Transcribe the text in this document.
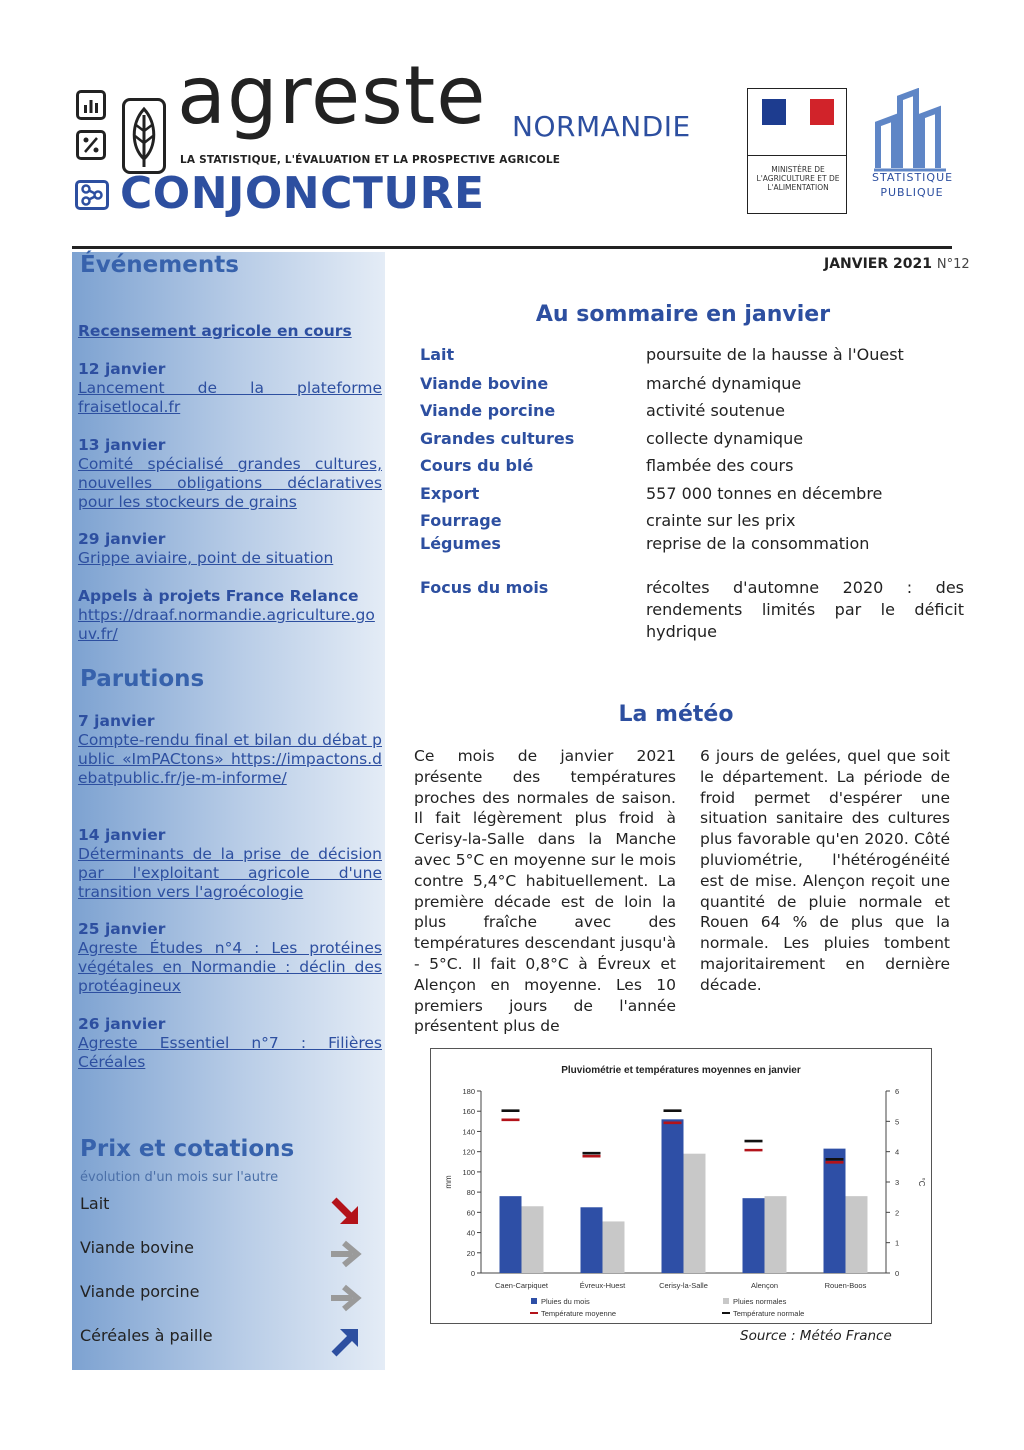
agreste
LA STATISTIQUE, L'ÉVALUATION ET LA PROSPECTIVE AGRICOLE
CONJONCTURE
NORMANDIE
MINISTÈRE DE L'AGRICULTURE ET DE L'ALIMENTATION
STATISTIQUE
PUBLIQUE
Événements
Recensement agricole en cours
12 janvier
Lancement de la plateforme fraisetlocal.fr
13 janvier
Comité spécialisé grandes cultures, nouvelles obligations déclaratives pour les stockeurs de grains
29 janvier
Grippe aviaire, point de situation
Appels à projets France Relance
https://draaf.normandie.agriculture.gouv.fr/
Parutions
7 janvier
Compte-rendu final et bilan du débat public «ImPACtons» https://impactons.debatpublic.fr/je-m-informe/
14 janvier
Déterminants de la prise de décision par l'exploitant agricole d'une transition vers l'agroécologie
25 janvier
Agreste Études n°4 : Les protéines végétales en Normandie : déclin des protéagineux
26 janvier
Agreste Essentiel n°7 : Filières Céréales
Prix et cotations
évolution d'un mois sur l'autre
Lait
Viande bovine
Viande porcine
Céréales à paille
JANVIER 2021 N°12
Au sommaire en janvier
Lait	poursuite de la hausse à l'Ouest
Viande bovine	marché dynamique
Viande porcine	activité soutenue
Grandes cultures	collecte dynamique
Cours du blé	flambée des cours
Export	557 000 tonnes en décembre
Fourrage	crainte sur les prix
Légumes	reprise de la consommation
Focus du mois	récoltes d'automne 2020 : des rendements limités par le déficit hydrique
La météo
Ce mois de janvier 2021 présente des températures proches des normales de saison. Il fait légèrement plus froid à Cerisy-la-Salle dans la Manche avec 5°C en moyenne sur le mois contre 5,4°C habituellement. La première décade est de loin la plus fraîche avec des températures descendant jusqu'à - 5°C. Il fait 0,8°C à Évreux et Alençon en moyenne. Les 10 premiers jours de l'année présentent plus de
6 jours de gelées, quel que soit le département. La période de froid permet d'espérer une situation sanitaire des cultures plus favorable qu'en 2020. Côté pluviométrie, l'hétérogénéité est de mise. Alençon reçoit une quantité de pluie normale et Rouen 64 % de plus que la normale. Les pluies tombent majoritairement en dernière décade.
Pluviométrie et températures moyennes en janvier
0
20
40
60
80
100
120
140
160
180
0
1
2
3
4
5
6
mm	°C
Caen-Carpiquet	Évreux-Huest	Cerisy-la-Salle	Alençon	Rouen-Boos
Pluies du mois	Pluies normales
Température moyenne	Température normale
Source : Météo France
